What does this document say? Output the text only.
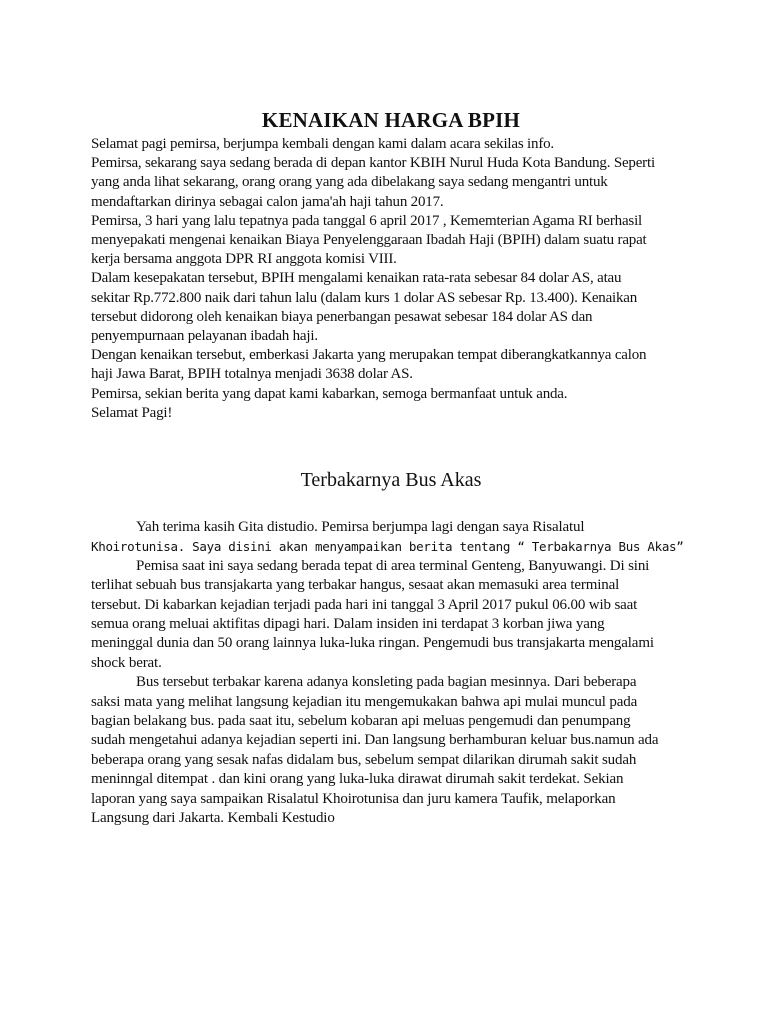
KENAIKAN HARGA BPIH
Selamat pagi pemirsa, berjumpa kembali dengan kami dalam acara sekilas info.
Pemirsa, sekarang saya sedang berada di depan kantor KBIH Nurul Huda Kota Bandung. Seperti
yang anda lihat sekarang, orang orang yang ada dibelakang saya sedang mengantri untuk
mendaftarkan dirinya sebagai calon jama'ah haji tahun 2017.
Pemirsa, 3 hari yang lalu tepatnya pada tanggal 6 april 2017 , Kememterian Agama RI berhasil
menyepakati mengenai kenaikan Biaya Penyelenggaraan Ibadah Haji (BPIH) dalam suatu rapat
kerja bersama anggota DPR RI anggota komisi VIII.
Dalam kesepakatan tersebut, BPIH mengalami kenaikan rata-rata sebesar 84 dolar AS, atau
sekitar Rp.772.800 naik dari tahun lalu (dalam kurs 1 dolar AS sebesar Rp. 13.400). Kenaikan
tersebut didorong oleh kenaikan biaya penerbangan pesawat sebesar 184 dolar AS dan
penyempurnaan pelayanan ibadah haji.
Dengan kenaikan tersebut, emberkasi Jakarta yang merupakan tempat diberangkatkannya calon
haji Jawa Barat, BPIH totalnya menjadi 3638 dolar AS.
Pemirsa, sekian berita yang dapat kami kabarkan, semoga bermanfaat untuk anda.
Selamat Pagi!
Terbakarnya Bus Akas
Yah terima kasih Gita distudio. Pemirsa berjumpa lagi dengan saya Risalatul
Khoirotunisa. Saya disini akan menyampaikan berita tentang “ Terbakarnya Bus Akas”
Pemisa saat ini saya sedang berada tepat di area terminal Genteng, Banyuwangi. Di sini
terlihat sebuah bus transjakarta yang terbakar hangus, sesaat akan memasuki area terminal
tersebut. Di kabarkan kejadian terjadi pada hari ini tanggal 3 April 2017 pukul 06.00 wib saat
semua orang meluai aktifitas dipagi hari. Dalam insiden ini terdapat 3 korban jiwa yang
meninggal dunia dan 50 orang lainnya luka-luka ringan. Pengemudi bus transjakarta mengalami
shock berat.
Bus tersebut terbakar karena adanya konsleting pada bagian mesinnya. Dari beberapa
saksi mata yang melihat langsung kejadian itu mengemukakan bahwa api mulai muncul pada
bagian belakang bus. pada saat itu, sebelum kobaran api meluas pengemudi dan penumpang
sudah mengetahui adanya kejadian seperti ini. Dan langsung berhamburan keluar bus.namun ada
beberapa orang yang sesak nafas didalam bus, sebelum sempat dilarikan dirumah sakit sudah
meninngal ditempat . dan kini orang yang luka-luka dirawat dirumah sakit terdekat. Sekian
laporan yang saya sampaikan Risalatul Khoirotunisa dan juru kamera Taufik, melaporkan
Langsung dari Jakarta. Kembali Kestudio
